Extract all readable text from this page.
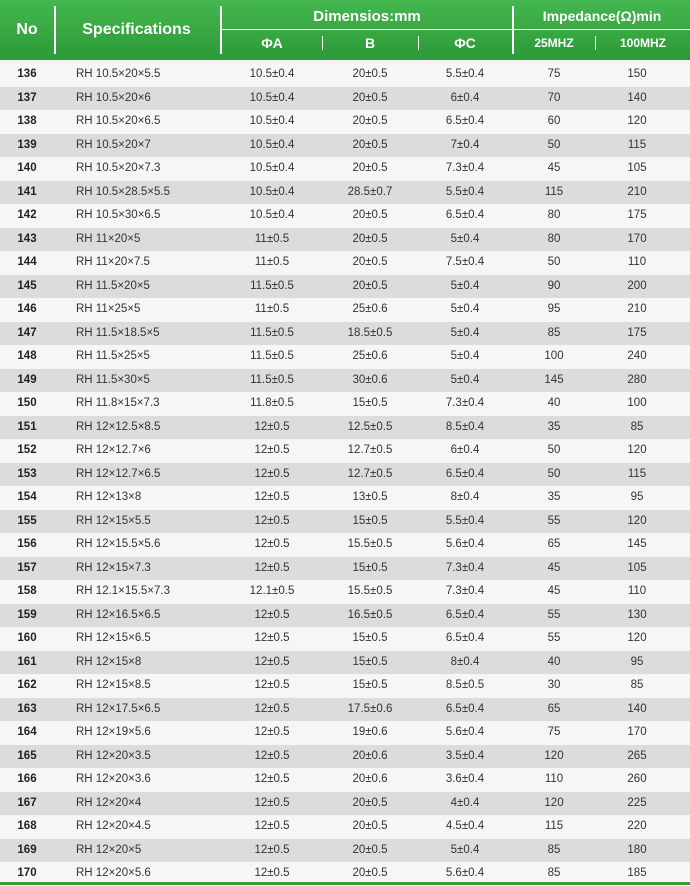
No	Specifications
Dimensios:mm	Impedance(Ω)min
ΦA	B	ΦC	25MHZ	100MHZ
136	RH 10.5×20×5.5	10.5±0.4	20±0.5	5.5±0.4	75	150
137	RH 10.5×20×6	10.5±0.4	20±0.5	6±0.4	70	140
138	RH 10.5×20×6.5	10.5±0.4	20±0.5	6.5±0.4	60	120
139	RH 10.5×20×7	10.5±0.4	20±0.5	7±0.4	50	115
140	RH 10.5×20×7.3	10.5±0.4	20±0.5	7.3±0.4	45	105
141	RH 10.5×28.5×5.5	10.5±0.4	28.5±0.7	5.5±0.4	115	210
142	RH 10.5×30×6.5	10.5±0.4	20±0.5	6.5±0.4	80	175
143	RH 11×20×5	11±0.5	20±0.5	5±0.4	80	170
144	RH 11×20×7.5	11±0.5	20±0.5	7.5±0.4	50	110
145	RH 11.5×20×5	11.5±0.5	20±0.5	5±0.4	90	200
146	RH 11×25×5	11±0.5	25±0.6	5±0.4	95	210
147	RH 11.5×18.5×5	11.5±0.5	18.5±0.5	5±0.4	85	175
148	RH 11.5×25×5	11.5±0.5	25±0.6	5±0.4	100	240
149	RH 11.5×30×5	11.5±0.5	30±0.6	5±0.4	145	280
150	RH 11.8×15×7.3	11.8±0.5	15±0.5	7.3±0.4	40	100
151	RH 12×12.5×8.5	12±0.5	12.5±0.5	8.5±0.4	35	85
152	RH 12×12.7×6	12±0.5	12.7±0.5	6±0.4	50	120
153	RH 12×12.7×6.5	12±0.5	12.7±0.5	6.5±0.4	50	115
154	RH 12×13×8	12±0.5	13±0.5	8±0.4	35	95
155	RH 12×15×5.5	12±0.5	15±0.5	5.5±0.4	55	120
156	RH 12×15.5×5.6	12±0.5	15.5±0.5	5.6±0.4	65	145
157	RH 12×15×7.3	12±0.5	15±0.5	7.3±0.4	45	105
158	RH 12.1×15.5×7.3	12.1±0.5	15.5±0.5	7.3±0.4	45	110
159	RH 12×16.5×6.5	12±0.5	16.5±0.5	6.5±0.4	55	130
160	RH 12×15×6.5	12±0.5	15±0.5	6.5±0.4	55	120
161	RH 12×15×8	12±0.5	15±0.5	8±0.4	40	95
162	RH 12×15×8.5	12±0.5	15±0.5	8.5±0.5	30	85
163	RH 12×17.5×6.5	12±0.5	17.5±0.6	6.5±0.4	65	140
164	RH 12×19×5.6	12±0.5	19±0.6	5.6±0.4	75	170
165	RH 12×20×3.5	12±0.5	20±0.6	3.5±0.4	120	265
166	RH 12×20×3.6	12±0.5	20±0.6	3.6±0.4	110	260
167	RH 12×20×4	12±0.5	20±0.5	4±0.4	120	225
168	RH 12×20×4.5	12±0.5	20±0.5	4.5±0.4	115	220
169	RH 12×20×5	12±0.5	20±0.5	5±0.4	85	180
170	RH 12×20×5.6	12±0.5	20±0.5	5.6±0.4	85	185
